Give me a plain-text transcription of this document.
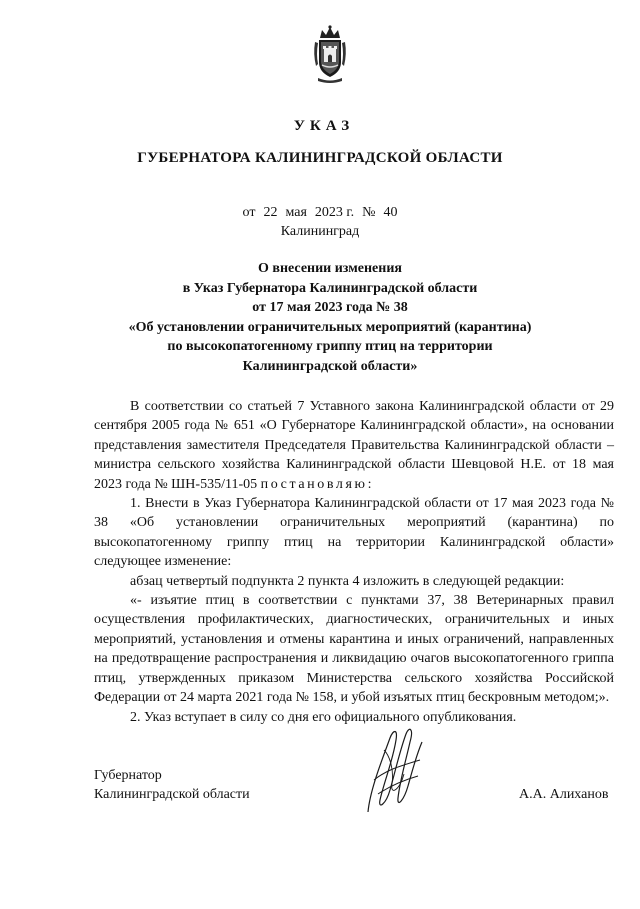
УКАЗ
ГУБЕРНАТОРА КАЛИНИНГРАДСКОЙ ОБЛАСТИ
от 22 мая 2023 г. № 40
Калининград
О внесении изменения
в Указ Губернатора Калининградской области
от 17 мая 2023 года № 38
«Об установлении ограничительных мероприятий (карантина)
по высокопатогенному гриппу птиц на территории
Калининградской области»

В соответствии со статьей 7 Уставного закона Калининградской области от 29 сентября 2005 года № 651 «О Губернаторе Калининградской области», на основании представления заместителя Председателя Правительства Калининградской области – министра сельского хозяйства Калининградской области Шевцовой Н.Е. от 18 мая 2023 года № ШН-535/11-05 постановляю:

1. Внести в Указ Губернатора Калининградской области от 17 мая 2023 года № 38 «Об установлении ограничительных мероприятий (карантина) по высокопатогенному гриппу птиц на территории Калининградской области» следующее изменение:

абзац четвертый подпункта 2 пункта 4 изложить в следующей редакции:

«- изъятие птиц в соответствии с пунктами 37, 38 Ветеринарных правил осуществления профилактических, диагностических, ограничительных и иных мероприятий, установления и отмены карантина и иных ограничений, направленных на предотвращение распространения и ликвидацию очагов высокопатогенного гриппа птиц, утвержденных приказом Министерства сельского хозяйства Российской Федерации от 24 марта 2021 года № 158, и убой изъятых птиц бескровным методом;».

2. Указ вступает в силу со дня его официального опубликования.

Губернатор
Калининградской области	А.А. Алиханов
